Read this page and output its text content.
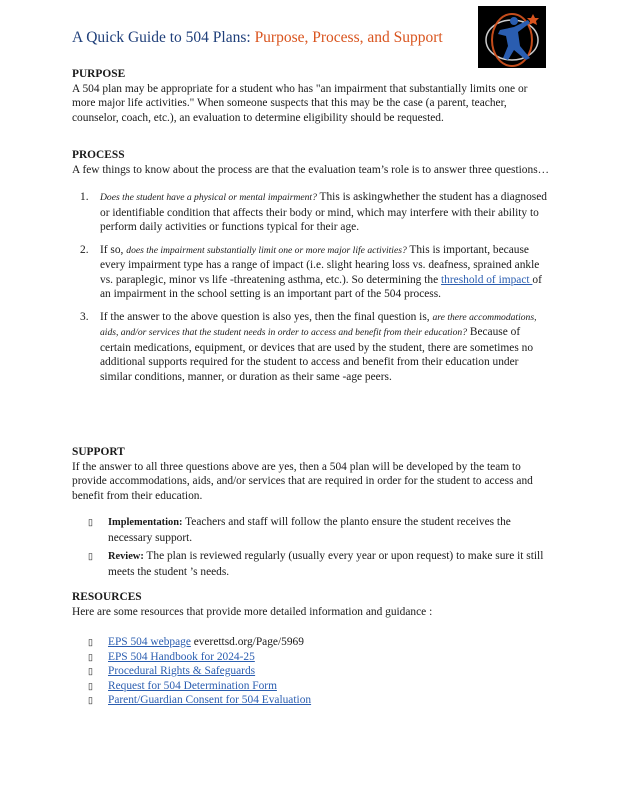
A Quick Guide to 504 Plans: Purpose, Process, and Support

PURPOSE

A 504 plan may be appropriate for a student who has "an impairment that substantially limits one or more major life activities." When someone suspects that this may be the case (a parent, teacher, counselor, coach, etc.), an evaluation to determine eligibility should be requested.

PROCESS

A few things to know about the process are that the evaluation team’s role is to answer three questions…

1. Does the student have a physical or mental impairment? This is askingwhether the student has a diagnosed or identifiable condition that affects their body or mind, which may interfere with their ability to perform daily activities or functions typical for their age.
2. If so, does the impairment substantially limit one or more major life activities? This is important, because every impairment type has a range of impact (i.e. slight hearing loss vs. deafness, sprained ankle vs. paraplegic, minor vs life -threatening asthma, etc.). So determining the threshold of impact of an impairment in the school setting is an important part of the 504 process.
3. If the answer to the above question is also yes, then the final question is, are there accommodations, aids, and/or services that the student needs in order to access and benefit from their education? Because of certain medications, equipment, or devices that are used by the student, there are sometimes no additional supports required for the student to access and benefit from their education under similar conditions, manner, or duration as their same -age peers.

SUPPORT

If the answer to all three questions above are yes, then a 504 plan will be developed by the team to provide accommodations, aids, and/or services that are required in order for the student to access and benefit from their education.

▯ Implementation: Teachers and staff will follow the planto ensure the student receives the necessary support.
▯ Review: The plan is reviewed regularly (usually every year or upon request) to make sure it still meets the student ’s needs.

RESOURCES

Here are some resources that provide more detailed information and guidance :

▯ EPS 504 webpage everettsd.org/Page/5969
▯ EPS 504 Handbook for 2024-25
▯ Procedural Rights & Safeguards
▯ Request for 504 Determination Form
▯ Parent/Guardian Consent for 504 Evaluation
